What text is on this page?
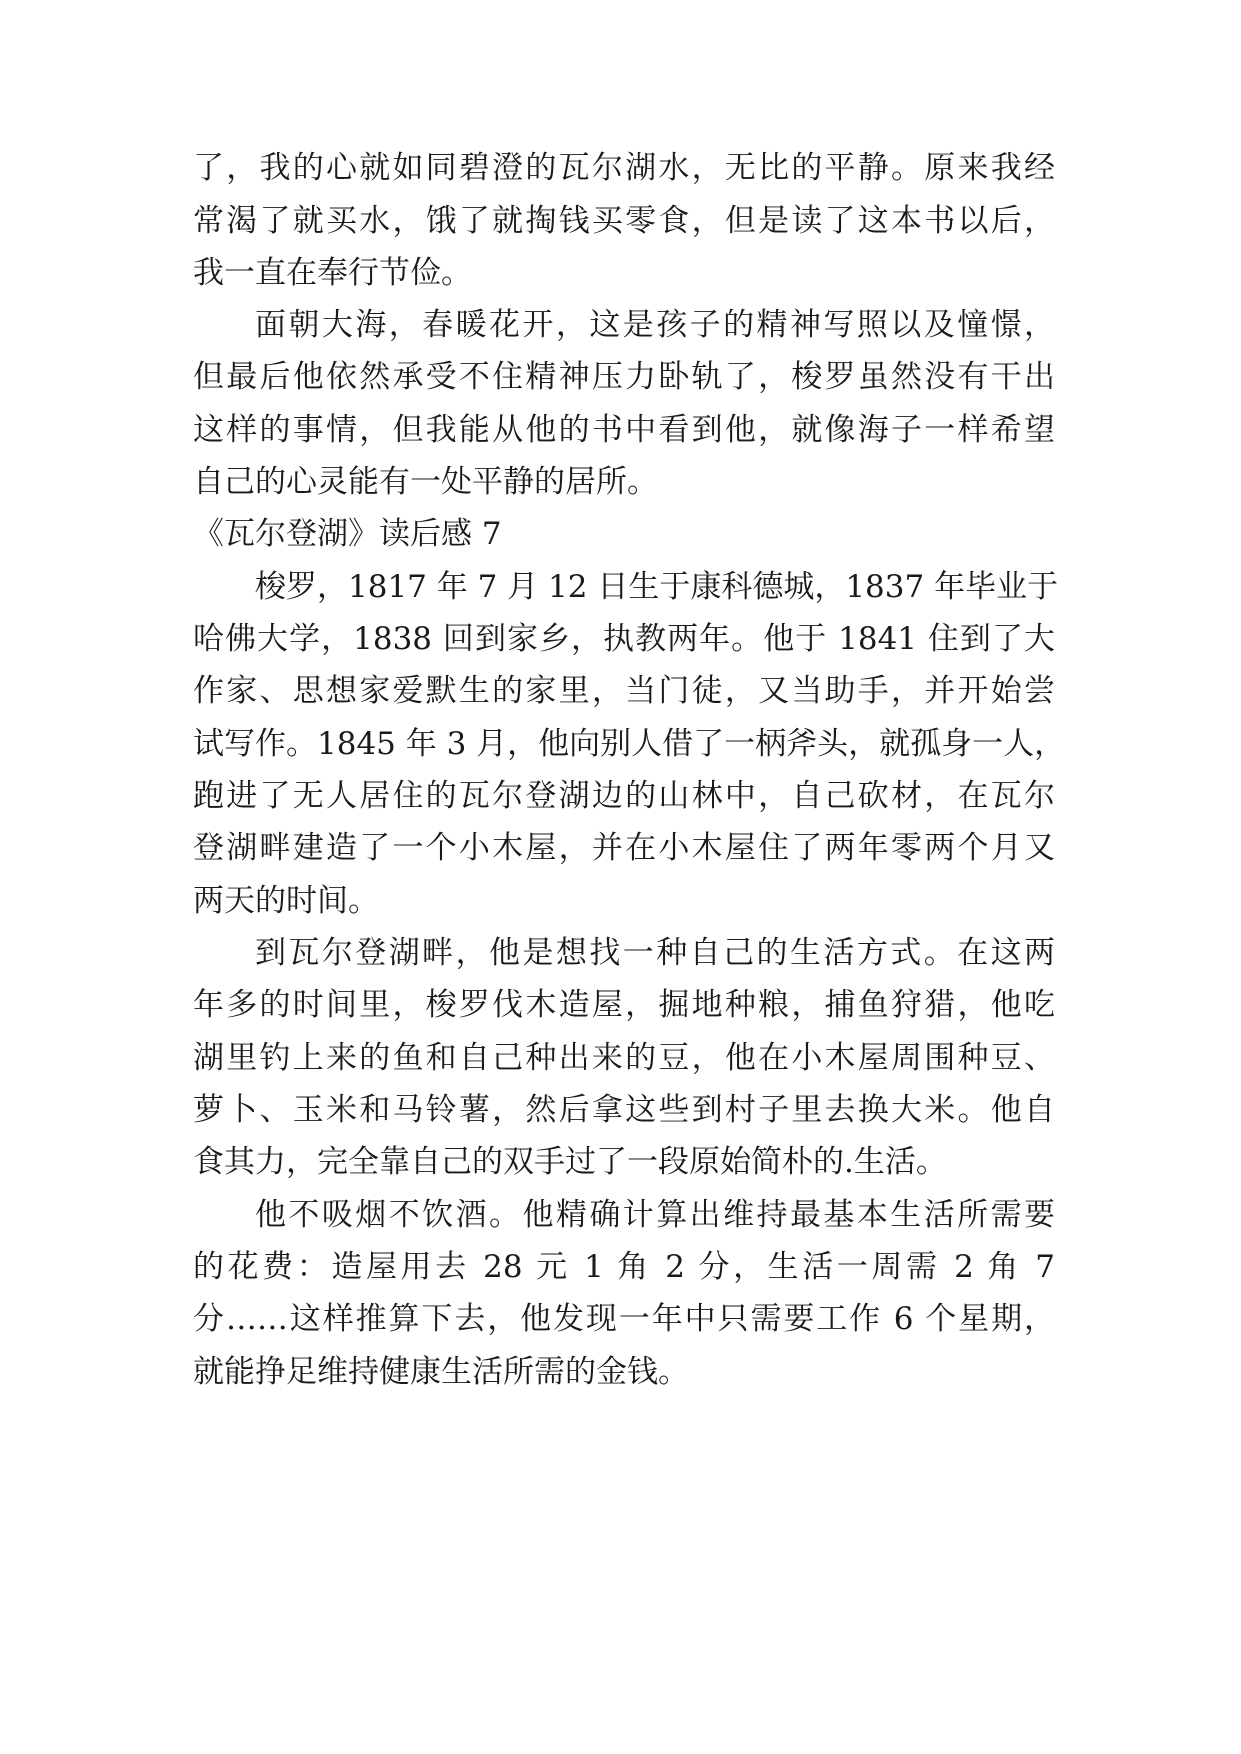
了，我的心就如同碧澄的瓦尔湖水，无比的平静。原来我经
常渴了就买水，饿了就掏钱买零食，但是读了这本书以后，
我一直在奉行节俭。
面朝大海，春暖花开，这是孩子的精神写照以及憧憬，
但最后他依然承受不住精神压力卧轨了，梭罗虽然没有干出
这样的事情，但我能从他的书中看到他，就像海子一样希望
自己的心灵能有一处平静的居所。
《瓦尔登湖》读后感 7
梭罗，1817 年 7 月 12 日生于康科德城，1837 年毕业于
哈佛大学，1838 回到家乡，执教两年。他于 1841 住到了大
作家、思想家爱默生的家里，当门徒，又当助手，并开始尝
试写作。1845 年 3 月，他向别人借了一柄斧头，就孤身一人，
跑进了无人居住的瓦尔登湖边的山林中，自己砍材，在瓦尔
登湖畔建造了一个小木屋，并在小木屋住了两年零两个月又
两天的时间。
到瓦尔登湖畔，他是想找一种自己的生活方式。在这两
年多的时间里，梭罗伐木造屋，掘地种粮，捕鱼狩猎，他吃
湖里钓上来的鱼和自己种出来的豆，他在小木屋周围种豆、
萝卜、玉米和马铃薯，然后拿这些到村子里去换大米。他自
食其力，完全靠自己的双手过了一段原始简朴的.生活。
他不吸烟不饮酒。他精确计算出维持最基本生活所需要
的花费：造屋用去 28 元 1 角 2 分，生活一周需 2 角 7
分……这样推算下去，他发现一年中只需要工作 6 个星期，
就能挣足维持健康生活所需的金钱。
